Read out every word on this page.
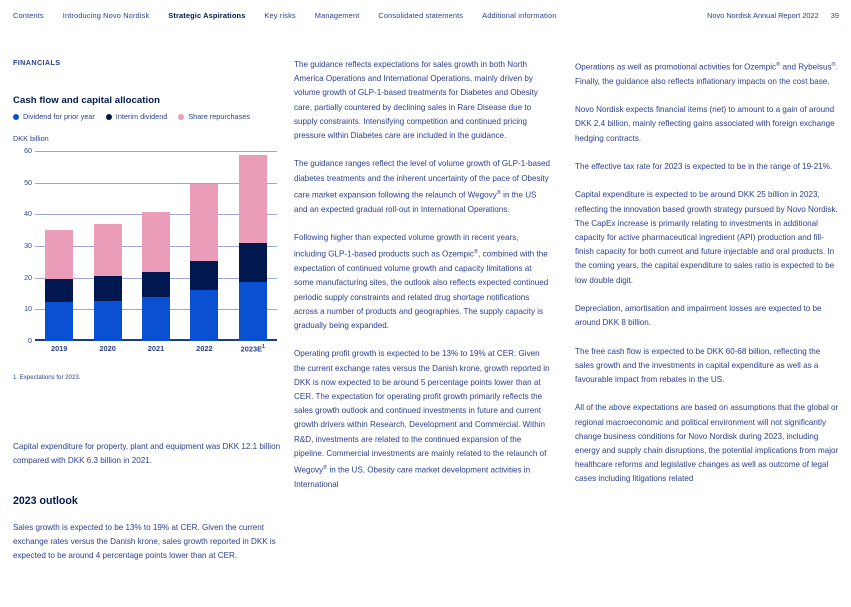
Contents	Introducing Novo Nordisk	Strategic Aspirations	Key risks	Management	Consolidated statements	Additional information	Novo Nordisk Annual Report 2022 39
FINANCIALS
Cash flow and capital allocation
Dividend for prior year	Interim dividend	Share repurchases
DKK billion
0
10
20
30
40
50
60
2019	2020	2021	2022	$2023E^1$
1. Expectations for 2023.

Capital expenditure for property, plant and equipment was DKK 12.1 billion compared with DKK 6.3 billion in 2021.

2023 outlook

Sales growth is expected to be 13% to 19% at CER. Given the current exchange rates versus the Danish krone, sales growth reported in DKK is expected to be around 4 percentage points lower than at CER.

The guidance reflects expectations for sales growth in both North America Operations and International Operations, mainly driven by volume growth of GLP-1-based treatments for Diabetes and Obesity care, partially countered by declining sales in Rare Disease due to supply constraints. Intensifying competition and continued pricing pressure within Diabetes care are included in the guidance.

The guidance ranges reflect the level of volume growth of GLP-1-based diabetes treatments and the inherent uncertainty of the pace of Obesity care market expansion following the relaunch of Wegovy® in the US and an expected gradual roll-out in International Operations.

Following higher than expected volume growth in recent years, including GLP-1-based products such as Ozempic®, combined with the expectation of continued volume growth and capacity limitations at some manufacturing sites, the outlook also reflects expected continued periodic supply constraints and related drug shortage notifications across a number of products and geographies. The supply capacity is gradually being expanded.

Operating profit growth is expected to be 13% to 19% at CER. Given the current exchange rates versus the Danish krone, growth reported in DKK is now expected to be around 5 percentage points lower than at CER. The expectation for operating profit growth primarily reflects the sales growth outlook and continued investments in future and current growth drivers within Research, Development and Commercial. Within R&D, investments are related to the continued expansion of the pipeline. Commercial investments are mainly related to the relaunch of Wegovy® in the US, Obesity care market development activities in International

Operations as well as promotional activities for Ozempic® and Rybelsus®. Finally, the guidance also reflects inflationary impacts on the cost base.

Novo Nordisk expects financial items (net) to amount to a gain of around DKK 2.4 billion, mainly reflecting gains associated with foreign exchange hedging contracts.

The effective tax rate for 2023 is expected to be in the range of 19-21%.

Capital expenditure is expected to be around DKK 25 billion in 2023, reflecting the innovation based growth strategy pursued by Novo Nordisk. The CapEx increase is primarily relating to investments in additional capacity for active pharmaceutical ingredient (API) production and fill-finish capacity for both current and future injectable and oral products. In the coming years, the capital expenditure to sales ratio is expected to be low double digit.

Depreciation, amortisation and impairment losses are expected to be around DKK 8 billion.

The free cash flow is expected to be DKK 60-68 billion, reflecting the sales growth and the investments in capital expenditure as well as a favourable impact from rebates in the US.

All of the above expectations are based on assumptions that the global or regional macroeconomic and political environment will not significantly change business conditions for Novo Nordisk during 2023, including energy and supply chain disruptions, the potential implications from major healthcare reforms and legislative changes as well as outcome of legal cases including litigations related
